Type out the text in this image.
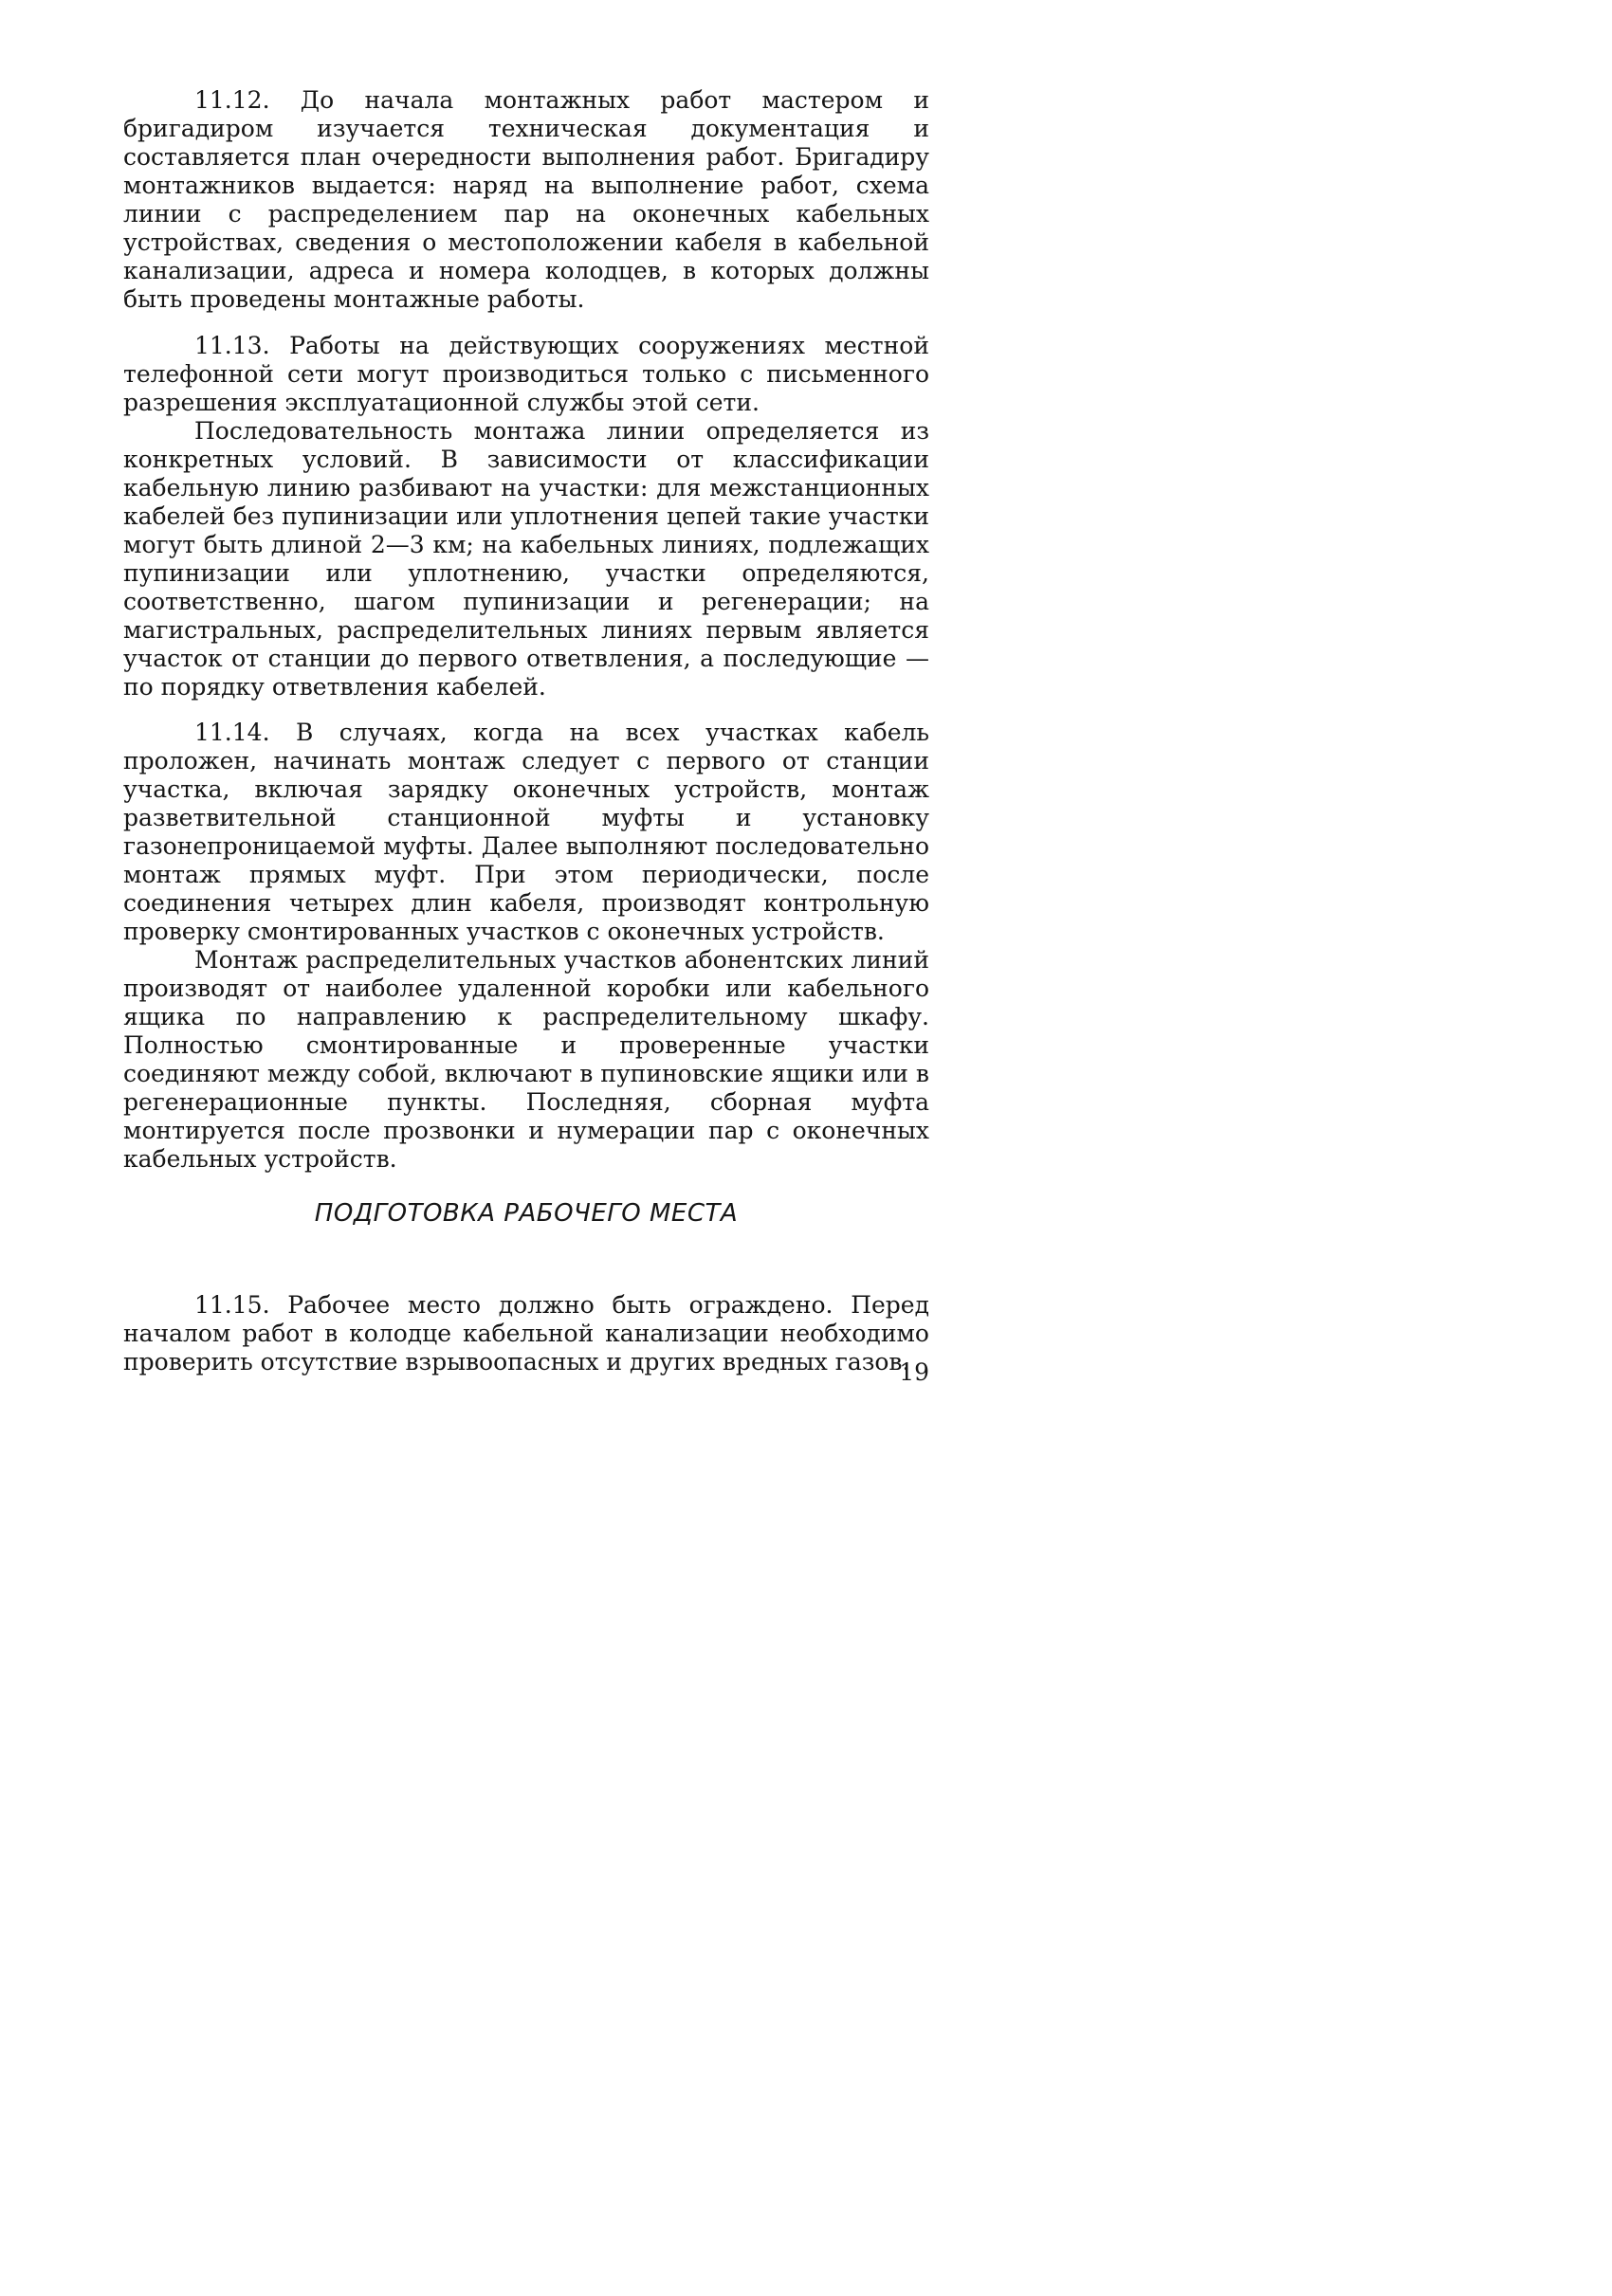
11.12. До начала монтажных работ мастером и бригадиром изучается техническая документация и составляется план очередности выполнения работ. Бригадиру монтажников выдается: наряд на выполнение работ, схема линии с распределением пар на оконечных кабельных устройствах, сведения о местоположении кабеля в кабельной канализации, адреса и номера колодцев, в которых должны быть проведены монтажные работы.

11.13. Работы на действующих сооружениях местной телефонной сети могут производиться только с письменного разрешения эксплуатационной службы этой сети.

Последовательность монтажа линии определяется из конкретных условий. В зависимости от классификации кабельную линию разбивают на участки: для межстанционных кабелей без пупинизации или уплотнения цепей такие участки могут быть длиной 2—3 км; на кабельных линиях, подлежащих пупинизации или уплотнению, участки определяются, соответственно, шагом пупинизации и регенерации; на магистральных, распределительных линиях первым является участок от станции до первого ответвления, а последующие — по порядку ответвления кабелей.

11.14. В случаях, когда на всех участках кабель проложен, начинать монтаж следует с первого от станции участка, включая зарядку оконечных устройств, монтаж разветвительной станционной муфты и установку газонепроницаемой муфты. Далее выполняют последовательно монтаж прямых муфт. При этом периодически, после соединения четырех длин кабеля, производят контрольную проверку смонтированных участков с оконечных устройств.

Монтаж распределительных участков абонентских линий производят от наиболее удаленной коробки или кабельного ящика по направлению к распределительному шкафу. Полностью смонтированные и проверенные участки соединяют между собой, включают в пупиновские ящики или в регенерационные пункты. Последняя, сборная муфта монтируется после прозвонки и нумерации пар с оконечных кабельных устройств.

ПОДГОТОВКА РАБОЧЕГО МЕСТА

11.15. Рабочее место должно быть ограждено. Перед началом работ в колодце кабельной канализации необходимо проверить отсутствие взрывоопасных и других вредных газов.

19
